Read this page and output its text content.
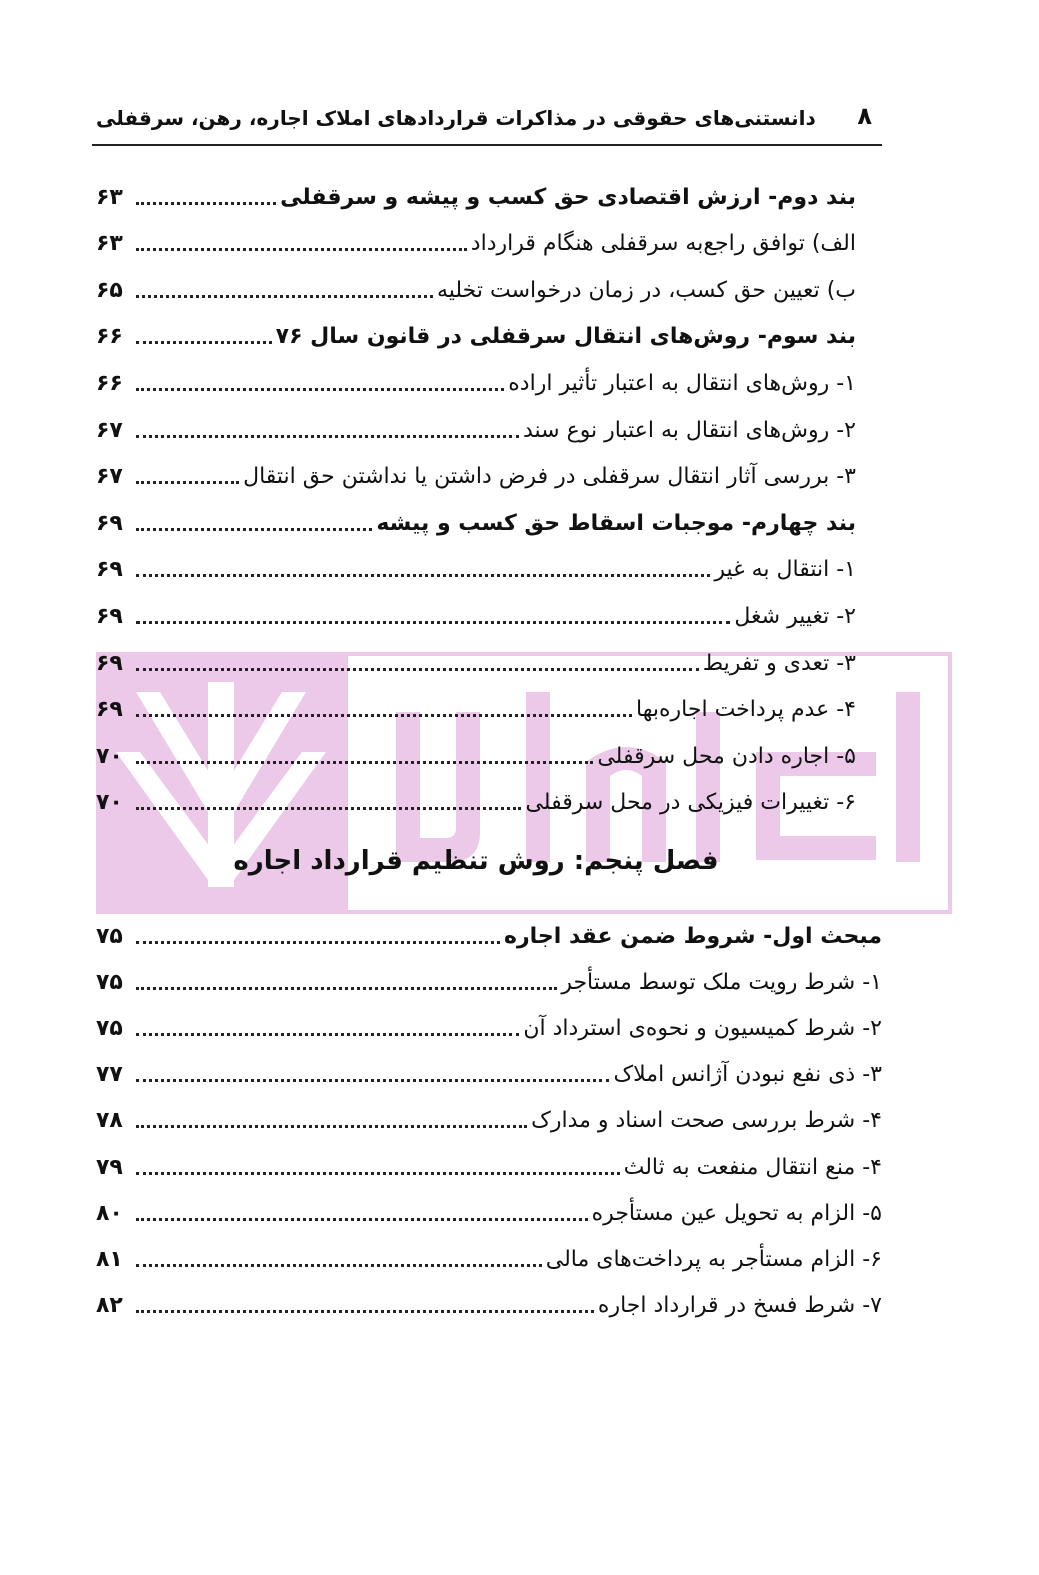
۸
دانستنی‌های حقوقی در مذاکرات قراردادهای املاک اجاره، رهن، سرقفلی
بند دوم- ارزش اقتصادی حق کسب و پیشه و سرقفلی
۶۳
الف) توافق راجع‌به سرقفلی هنگام قرارداد
۶۳
ب) تعیین حق کسب، در زمان درخواست تخلیه
۶۵
بند سوم- روش‌های انتقال سرقفلی در قانون سال ۷۶
۶۶
۱- روش‌های انتقال به اعتبار تأثیر اراده
۶۶
۲- روش‌های انتقال به اعتبار نوع سند
۶۷
۳- بررسی آثار انتقال سرقفلی در فرض داشتن یا نداشتن حق انتقال
۶۷
بند چهارم- موجبات اسقاط حق کسب و پیشه
۶۹
۱- انتقال به غیر
۶۹
۲- تغییر شغل
۶۹
۳- تعدی و تفریط
۶۹
۴- عدم پرداخت اجاره‌بها
۶۹
۵- اجاره دادن محل سرقفلی
۷۰
۶- تغییرات فیزیکی در محل سرقفلی
۷۰
فصل پنجم: روش تنظیم قرارداد اجاره
مبحث اول- شروط ضمن عقد اجاره
۷۵
۱- شرط رویت ملک توسط مستأجر
۷۵
۲- شرط کمیسیون و نحوه‌ی استرداد آن
۷۵
۳- ذی نفع نبودن آژانس املاک
۷۷
۴- شرط بررسی صحت اسناد و مدارک
۷۸
۴- منع انتقال منفعت به ثالث
۷۹
۵- الزام به تحویل عین مستأجره
۸۰
۶- الزام مستأجر به پرداخت‌های مالی
۸۱
۷- شرط فسخ در قرارداد اجاره
۸۲
